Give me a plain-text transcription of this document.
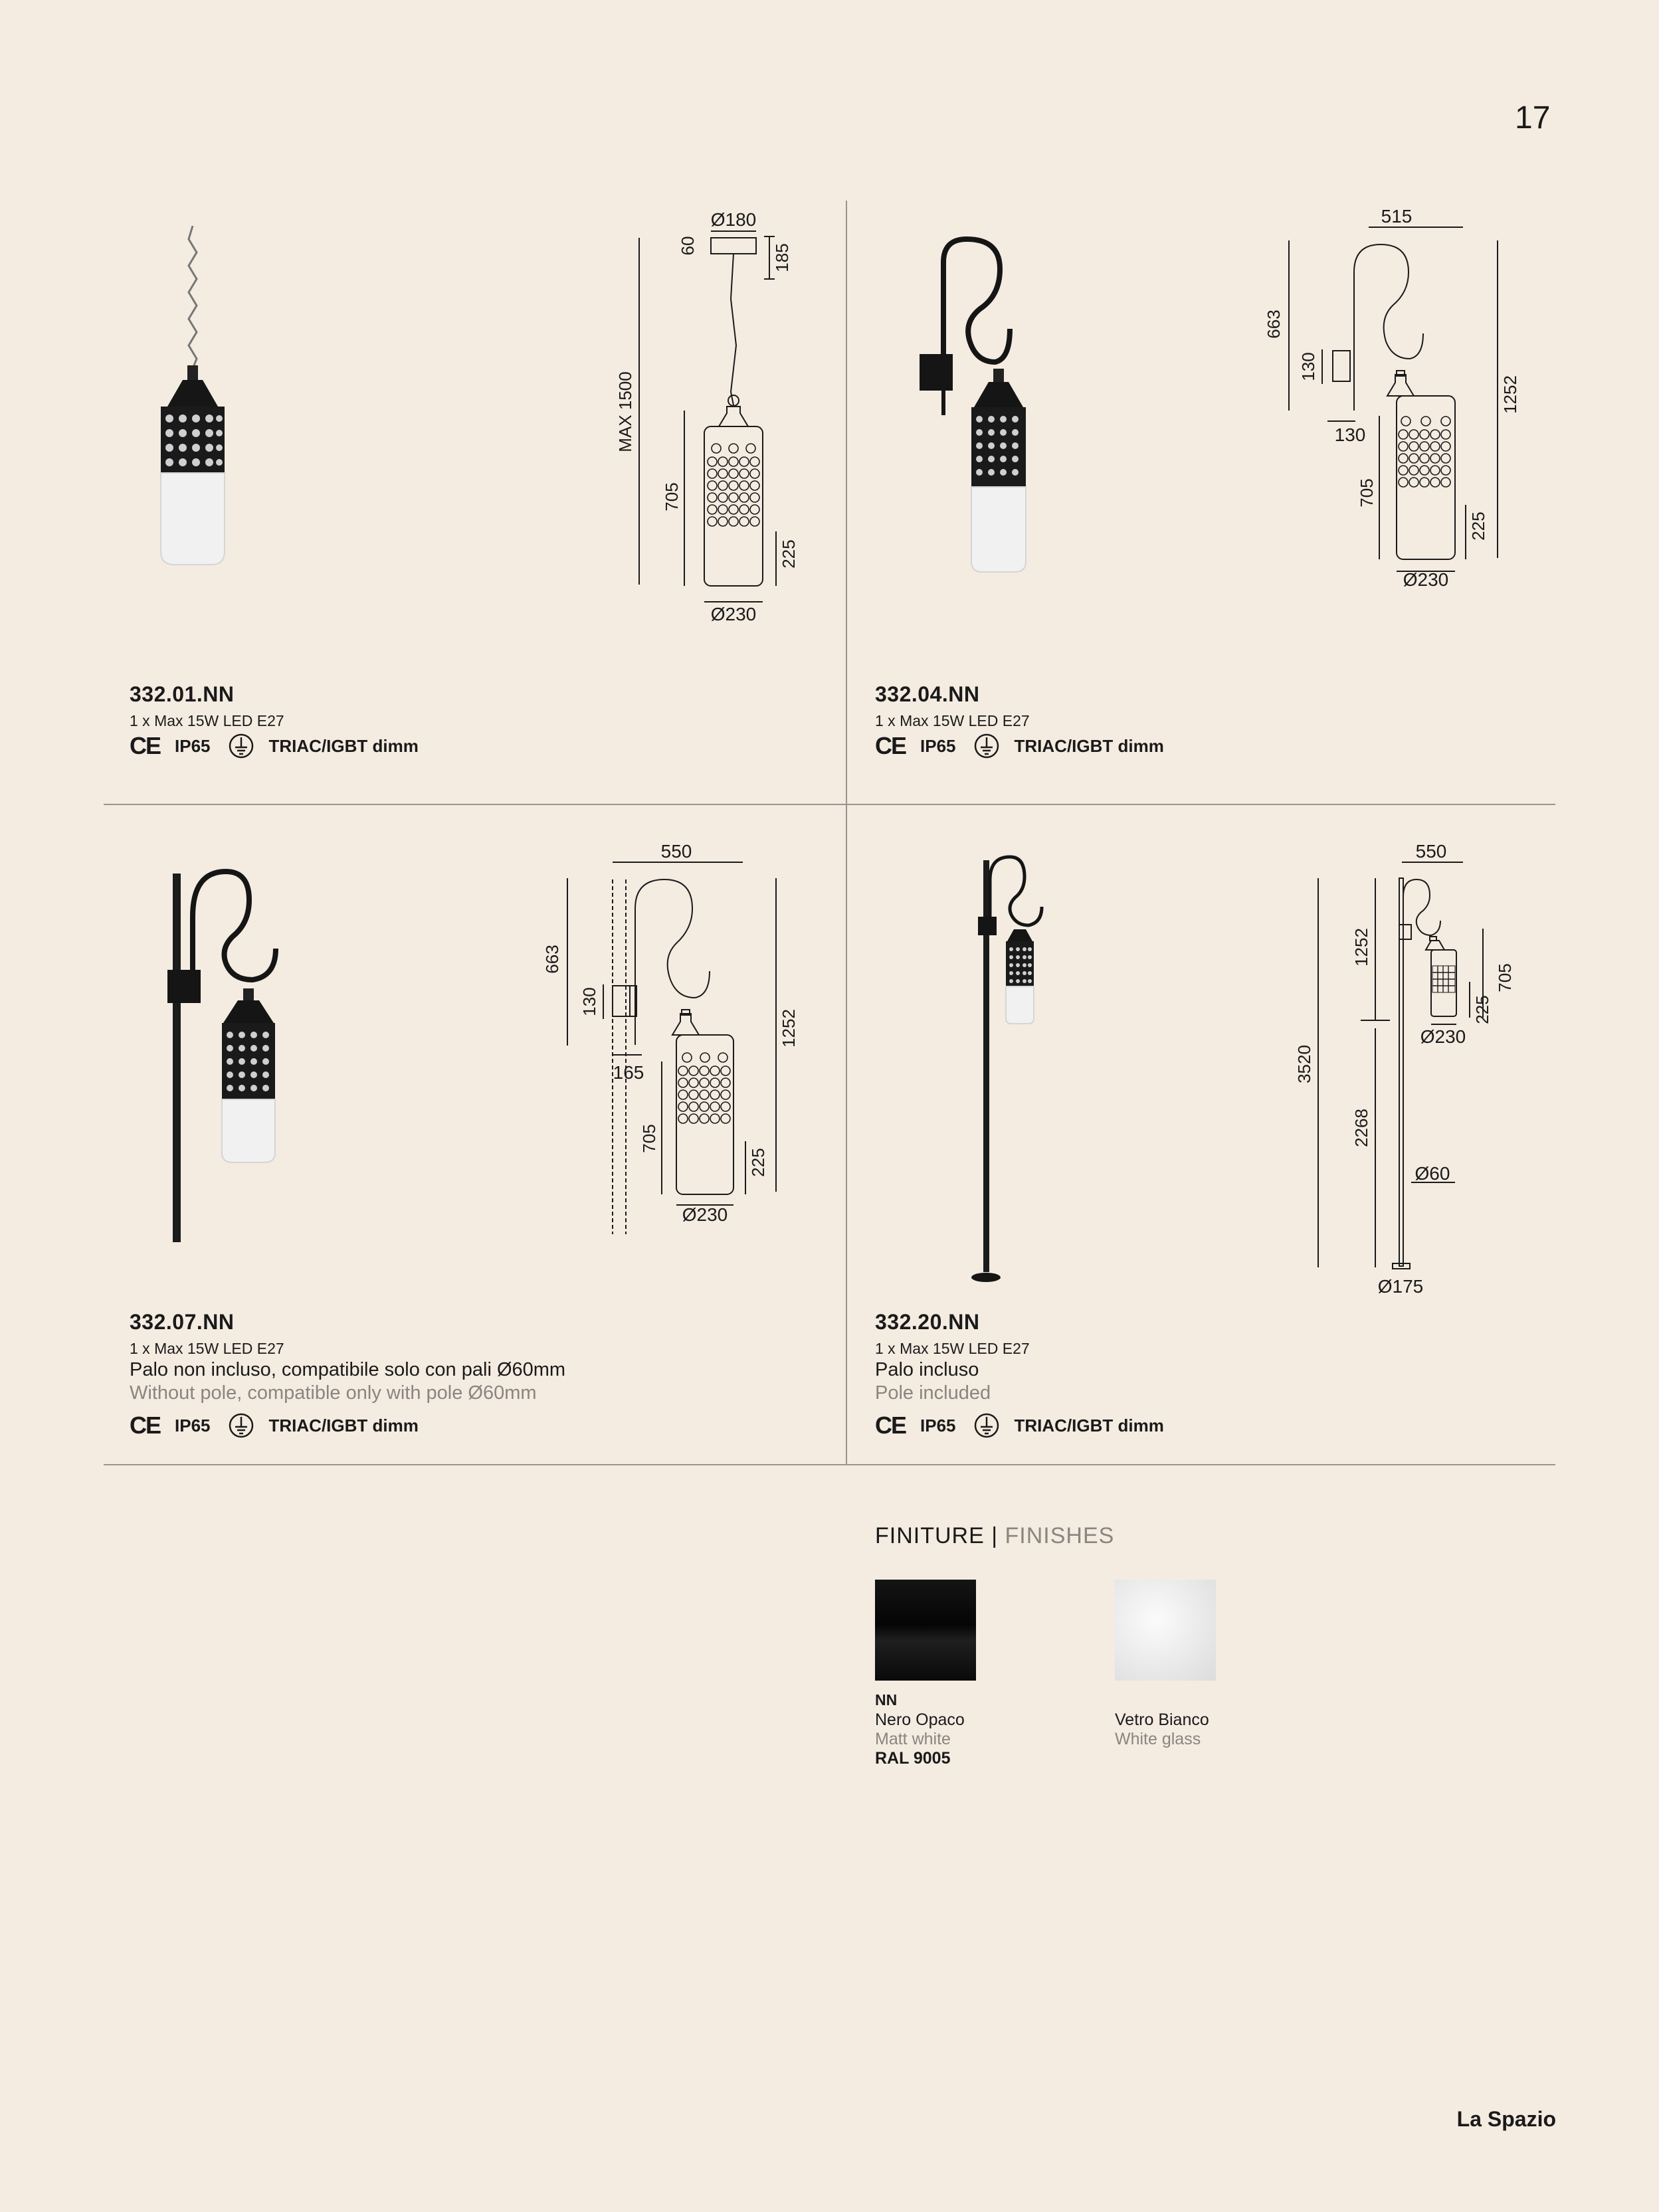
17
Ø180
60	185
MAX 1500
705
225
Ø230
332.01.NN
1 x Max 15W LED E27
CE IP65	TRIAC/IGBT dimm
515
663
130
130
1252
705
225
Ø230
332.04.NN
1 x Max 15W LED E27
CE IP65	TRIAC/IGBT dimm
550
663
130
165
1252
705
225
Ø230
332.07.NN
1 x Max 15W LED E27
Palo non incluso, compatibile solo con pali Ø60mm
Without pole, compatible only with pole Ø60mm
CE IP65	TRIAC/IGBT dimm
550
1252
705
225
Ø230
3520
2268
Ø60
Ø175
332.20.NN
1 x Max 15W LED E27
Palo incluso
Pole included
CE IP65	TRIAC/IGBT dimm
FINITURE | FINISHES
NN
Nero Opaco
Matt white
RAL 9005
Vetro Bianco
White glass
La Spazio
